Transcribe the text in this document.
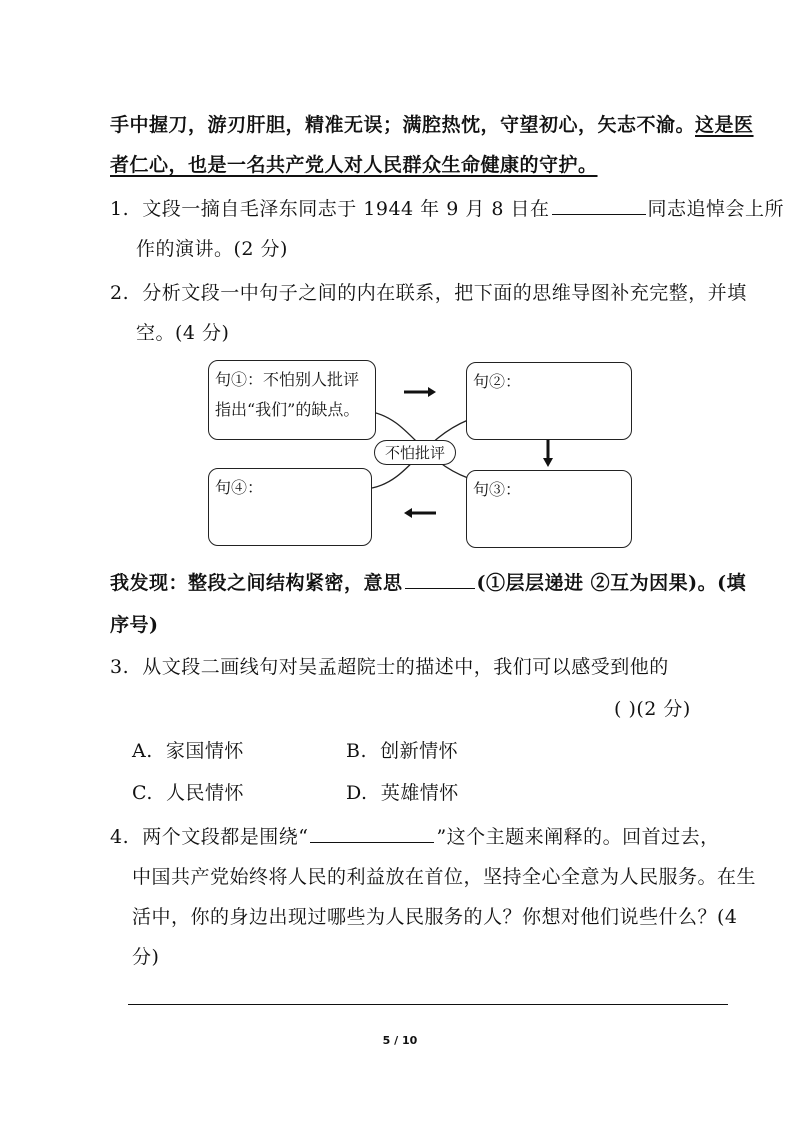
手中握刀，游刃肝胆，精准无误；满腔热忱，守望初心，矢志不渝。这是医
者仁心，也是一名共产党人对人民群众生命健康的守护。
1. 文段一摘自毛泽东同志于 1944 年 9 月 8 日在	同志追悼会上所
作的演讲。(2 分)
2. 分析文段一中句子之间的内在联系，把下面的思维导图补充完整，并填
空。(4 分)
句①：不怕别人批评
指出“我们”的缺点。
句②：
句③：
句④：
不怕批评
我发现：整段之间结构紧密，意思	(①层层递进 ②互为因果)。(填
序号)
3. 从文段二画线句对吴孟超院士的描述中，我们可以感受到他的
( )(2 分)
A. 家国情怀	B. 创新情怀
C. 人民情怀	D. 英雄情怀
4. 两个文段都是围绕“	”这个主题来阐释的。回首过去，
中国共产党始终将人民的利益放在首位，坚持全心全意为人民服务。在生
活中，你的身边出现过哪些为人民服务的人？你想对他们说些什么？(4
分)
5 / 10
